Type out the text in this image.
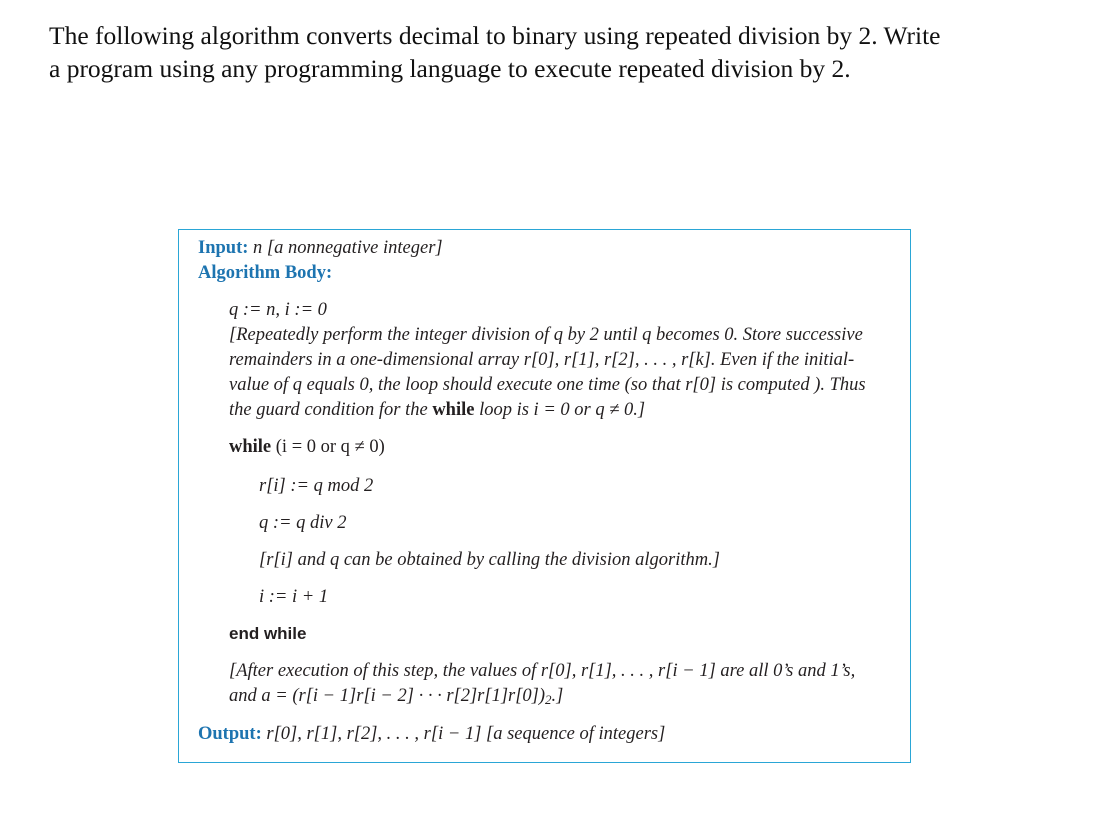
The following algorithm converts decimal to binary using repeated division by 2. Write

a program using any programming language to execute repeated division by 2.

Input: n [a nonnegative integer]
Algorithm Body:
q := n, i := 0
[Repeatedly perform the integer division of q by 2 until q becomes 0. Store successive
remainders in a one-dimensional array r[0], r[1], r[2], . . . , r[k]. Even if the initial-
value of q equals 0, the loop should execute one time (so that r[0] is computed ). Thus
the guard condition for the while loop is i = 0 or q ≠ 0.]
while (i = 0 or q ≠ 0)
r[i] := q mod 2
q := q div 2
[r[i] and q can be obtained by calling the division algorithm.]
i := i + 1
end while
[After execution of this step, the values of r[0], r[1], . . . , r[i − 1] are all 0’s and 1’s,
and a = (r[i − 1]r[i − 2] · · · $r[2]r[1]r[0])_2$.]
Output: r[0], r[1], r[2], . . . , r[i − 1] [a sequence of integers]
